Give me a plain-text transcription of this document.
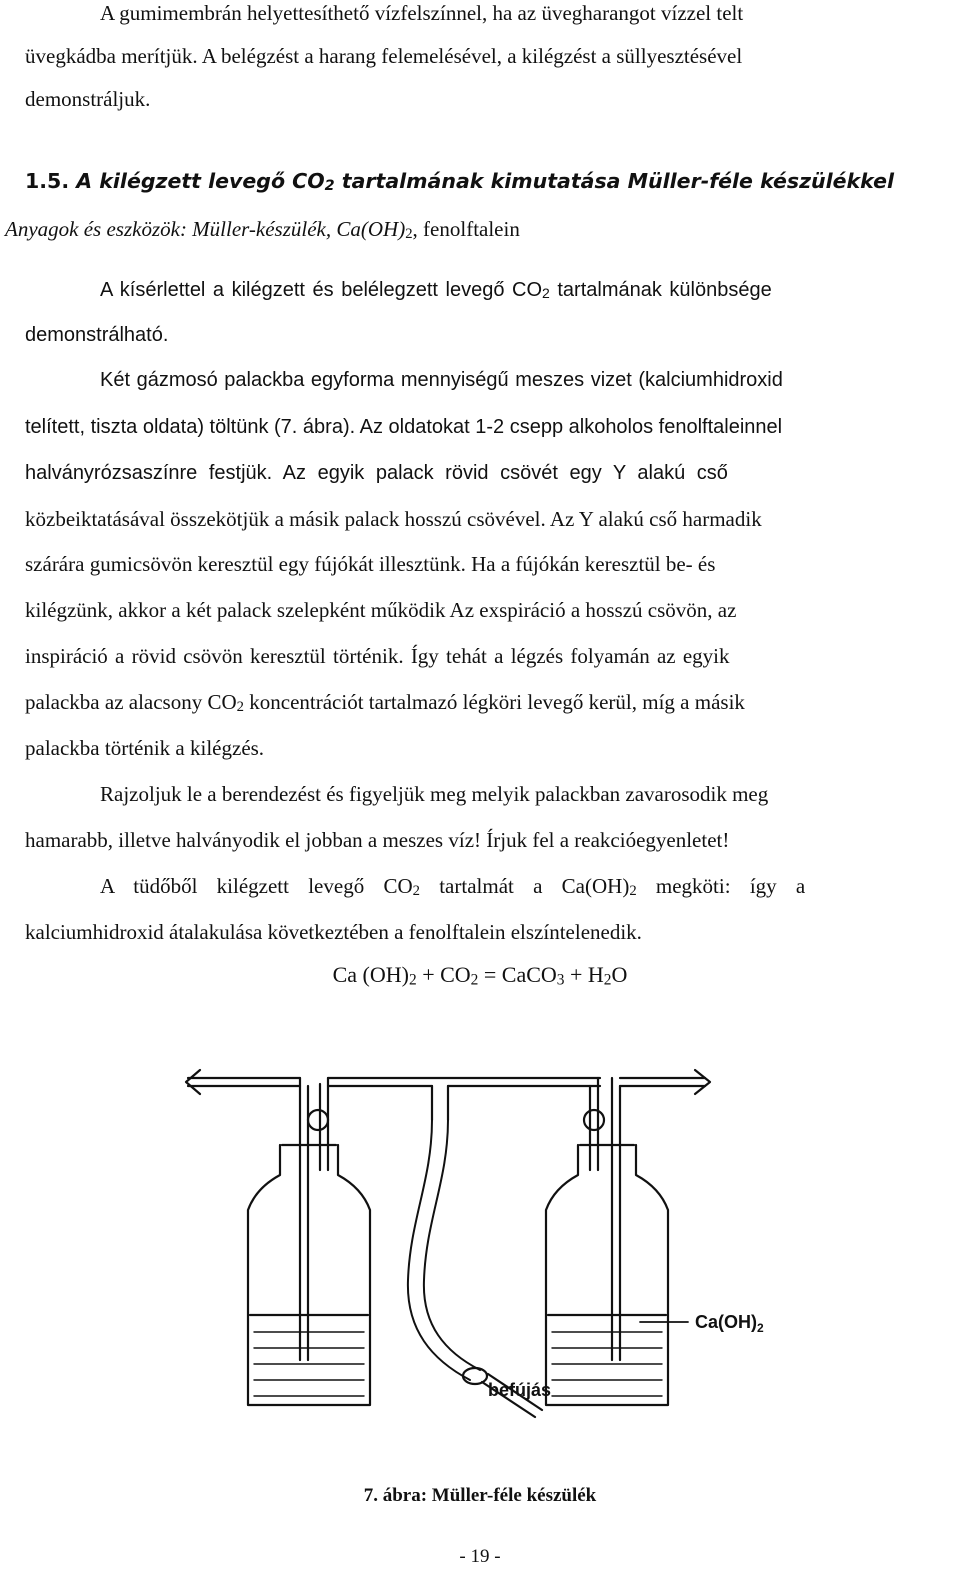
A gumimembrán helyettesíthető vízfelszínnel, ha az üvegharangot vízzel telt
üvegkádba merítjük. A belégzést a harang felemelésével, a kilégzést a süllyesztésével
demonstráljuk.
1.5. A kilégzett levegő $CO_2$ tartalmának kimutatása Müller-féle készülékkel
Anyagok és eszközök: Müller-készülék, $Ca(OH)_2$, fenolftalein
A kísérlettel a kilégzett és belélegzett levegő $CO_2$ tartalmának különbsége
demonstrálható.
Két gázmosó palackba egyforma mennyiségű meszes vizet (kalciumhidroxid
telített, tiszta oldata) töltünk (7. ábra). Az oldatokat 1-2 csepp alkoholos fenolftaleinnel
halványrózsaszínre festjük. Az egyik palack rövid csövét egy Y alakú cső
közbeiktatásával összekötjük a másik palack hosszú csövével. Az Y alakú cső harmadik
szárára gumicsövön keresztül egy fújókát illesztünk. Ha a fújókán keresztül be- és
kilégzünk, akkor a két palack szelepként működik Az exspiráció a hosszú csövön, az
inspiráció a rövid csövön keresztül történik. Így tehát a légzés folyamán az egyik
palackba az alacsony $CO_2$ koncentrációt tartalmazó légköri levegő kerül, míg a másik
palackba történik a kilégzés.
Rajzoljuk le a berendezést és figyeljük meg melyik palackban zavarosodik meg
hamarabb, illetve halványodik el jobban a meszes víz! Írjuk fel a reakcióegyenletet!
A tüdőből kilégzett levegő $CO_2$ tartalmát a $Ca(OH)_2$ megköti: így a
kalciumhidroxid átalakulása következtében a fenolftalein elszíntelenedik.
Ca $(OH)_2 + CO_2$ = CaCO$_3$ + $H_2O$
$Ca(OH)_2$
befújás
7. ábra: Müller-féle készülék
- 19 -
